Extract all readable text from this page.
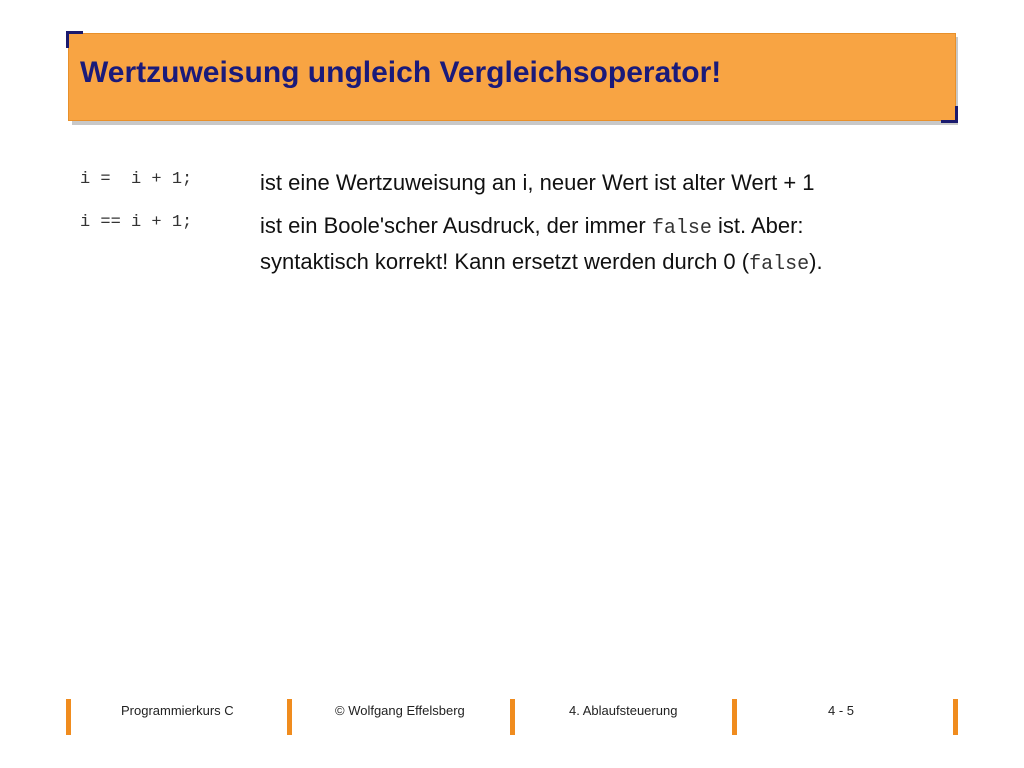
Wertzuweisung ungleich Vergleichsoperator!
i =  i + 1;	ist eine Wertzuweisung an i, neuer Wert ist alter Wert + 1
i == i + 1;	ist ein Boole'scher Ausdruck, der immer false ist. Aber:
syntaktisch korrekt! Kann ersetzt werden durch 0 (false).
Programmierkurs C	© Wolfgang Effelsberg	4. Ablaufsteuerung	4 - 5
